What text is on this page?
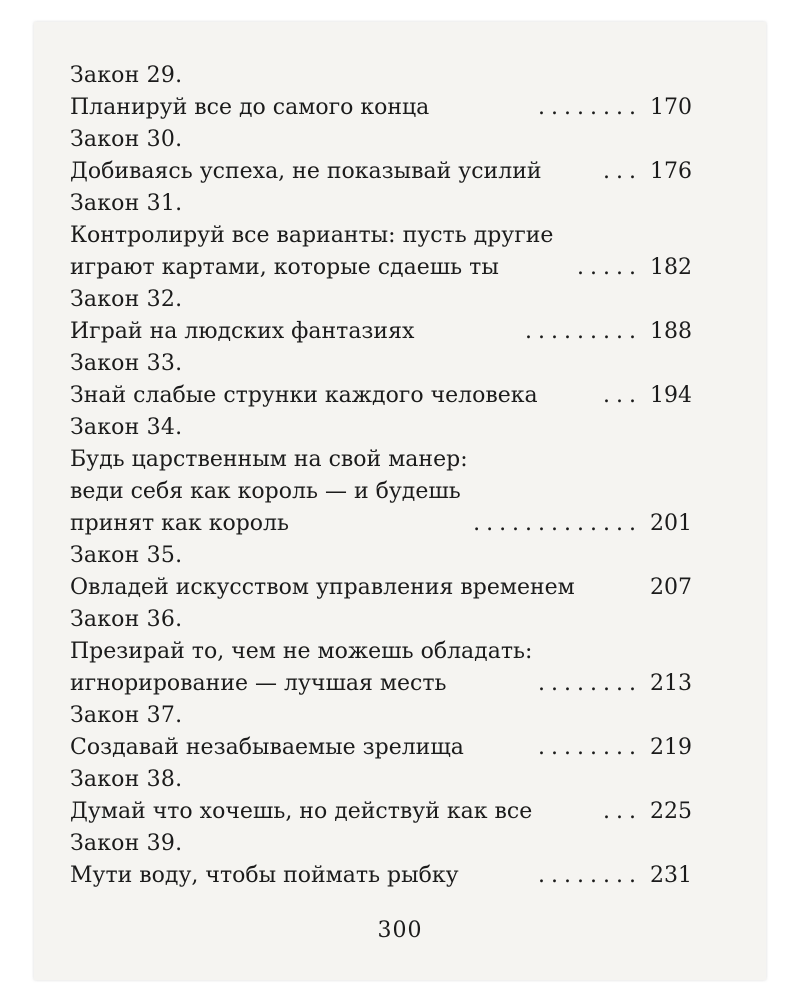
Закон 29.
Планируй все до самого конца	........ 170
Закон 30.
Добиваясь успеха, не показывай усилий	... 176
Закон 31.
Контролируй все варианты: пусть другие
играют картами, которые сдаешь ты	..... 182
Закон 32.
Играй на людских фантазиях	......... 188
Закон 33.
Знай слабые струнки каждого человека	... 194
Закон 34.
Будь царственным на свой манер:
веди себя как король — и будешь
принят как король	............. 201
Закон 35.
Овладей искусством управления временем	207
Закон 36.
Презирай то, чем не можешь обладать:
игнорирование — лучшая месть	........ 213
Закон 37.
Создавай незабываемые зрелища	........ 219
Закон 38.
Думай что хочешь, но действуй как все	... 225
Закон 39.
Мути воду, чтобы поймать рыбку	........ 231
300
